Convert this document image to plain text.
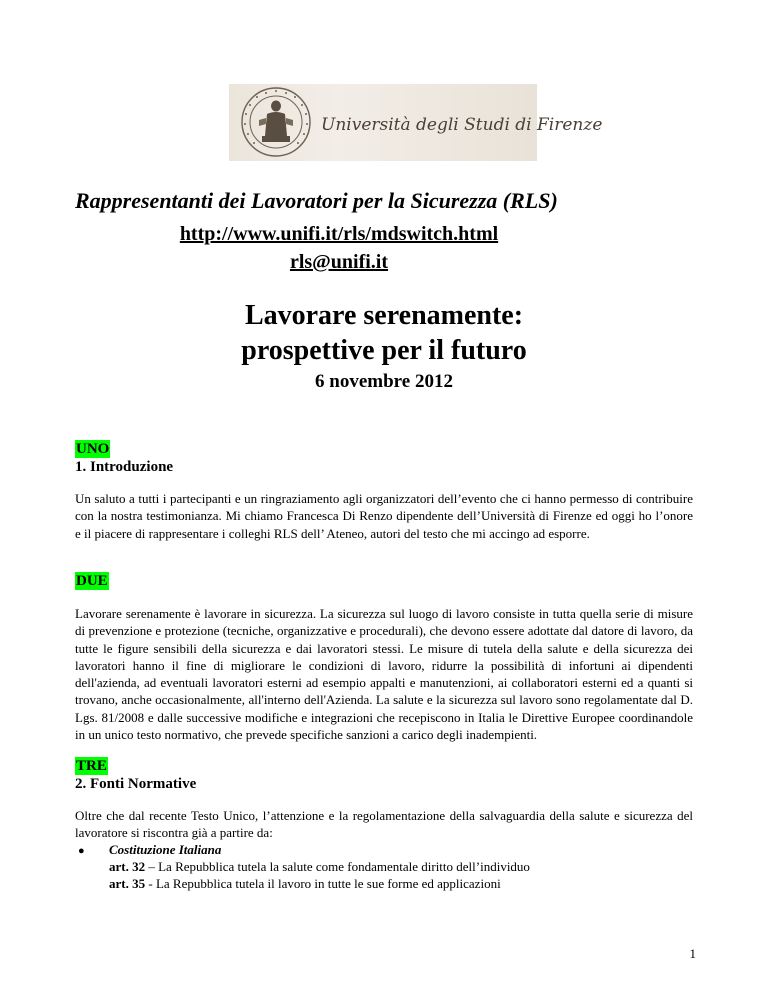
Università degli Studi di Firenze
Rappresentanti dei Lavoratori per la Sicurezza (RLS)
http://www.unifi.it/rls/mdswitch.html
rls@unifi.it
Lavorare serenamente:
prospettive per il futuro
6 novembre 2012
UNO
1. Introduzione
Un saluto a tutti i partecipanti e un ringraziamento agli organizzatori dell’evento che ci hanno permesso di contribuire con la nostra testimonianza. Mi chiamo Francesca Di Renzo dipendente dell’Università di Firenze ed oggi ho l’onore e il piacere di rappresentare i colleghi RLS dell’ Ateneo, autori del testo che mi accingo ad esporre.
DUE
Lavorare serenamente è lavorare in sicurezza. La sicurezza sul luogo di lavoro consiste in tutta quella serie di misure di prevenzione e protezione (tecniche, organizzative e procedurali), che devono essere adottate dal datore di lavoro, da tutte le figure sensibili della sicurezza e dai lavoratori stessi. Le misure di tutela della salute e della sicurezza dei lavoratori hanno il fine di migliorare le condizioni di lavoro, ridurre la possibilità di infortuni ai dipendenti dell'azienda, ad eventuali lavoratori esterni ad esempio appalti e manutenzioni, ai collaboratori esterni ed a quanti si trovano, anche occasionalmente, all'interno dell'Azienda. La salute e la sicurezza sul lavoro sono regolamentate dal D. Lgs. 81/2008 e dalle successive modifiche e integrazioni che recepiscono in Italia le Direttive Europee coordinandole in un unico testo normativo, che prevede specifiche sanzioni a carico degli inadempienti.
TRE
2. Fonti Normative
Oltre che dal recente Testo Unico, l’attenzione e la regolamentazione della salvaguardia della salute e sicurezza del lavoratore si riscontra già a partire da:
● Costituzione Italiana
art. 32 – La Repubblica tutela la salute come fondamentale diritto dell’individuo
art. 35 - La Repubblica tutela il lavoro in tutte le sue forme ed applicazioni
1
